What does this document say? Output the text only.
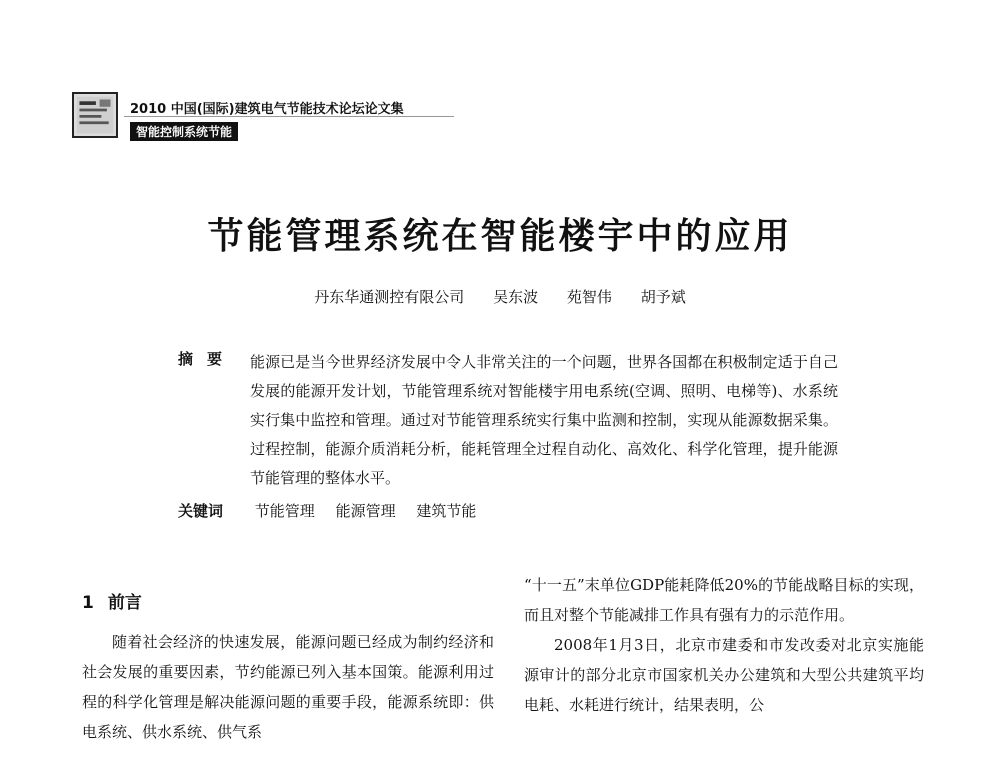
2010 中国(国际)建筑电气节能技术论坛论文集
智能控制系统节能
节能管理系统在智能楼宇中的应用
丹东华通测控有限公司 吴东波 苑智伟 胡予斌
摘要 能源已是当今世界经济发展中令人非常关注的一个问题，世界各国都在积极制定适于自己发展的能源开发计划，节能管理系统对智能楼宇用电系统(空调、照明、电梯等)、水系统实行集中监控和管理。通过对节能管理系统实行集中监测和控制，实现从能源数据采集。过程控制，能源介质消耗分析，能耗管理全过程自动化、高效化、科学化管理，提升能源节能管理的整体水平。
关键词 节能管理 能源管理 建筑节能
1 前言

随着社会经济的快速发展，能源问题已经成为制约经济和社会发展的重要因素，节约能源已列入基本国策。能源利用过程的科学化管理是解决能源问题的重要手段，能源系统即：供电系统、供水系统、供气系

“十一五”末单位GDP能耗降低20%的节能战略目标的实现，而且对整个节能减排工作具有强有力的示范作用。

2008年1月3日，北京市建委和市发改委对北京实施能源审计的部分北京市国家机关办公建筑和大型公共建筑平均电耗、水耗进行统计，结果表明，公
